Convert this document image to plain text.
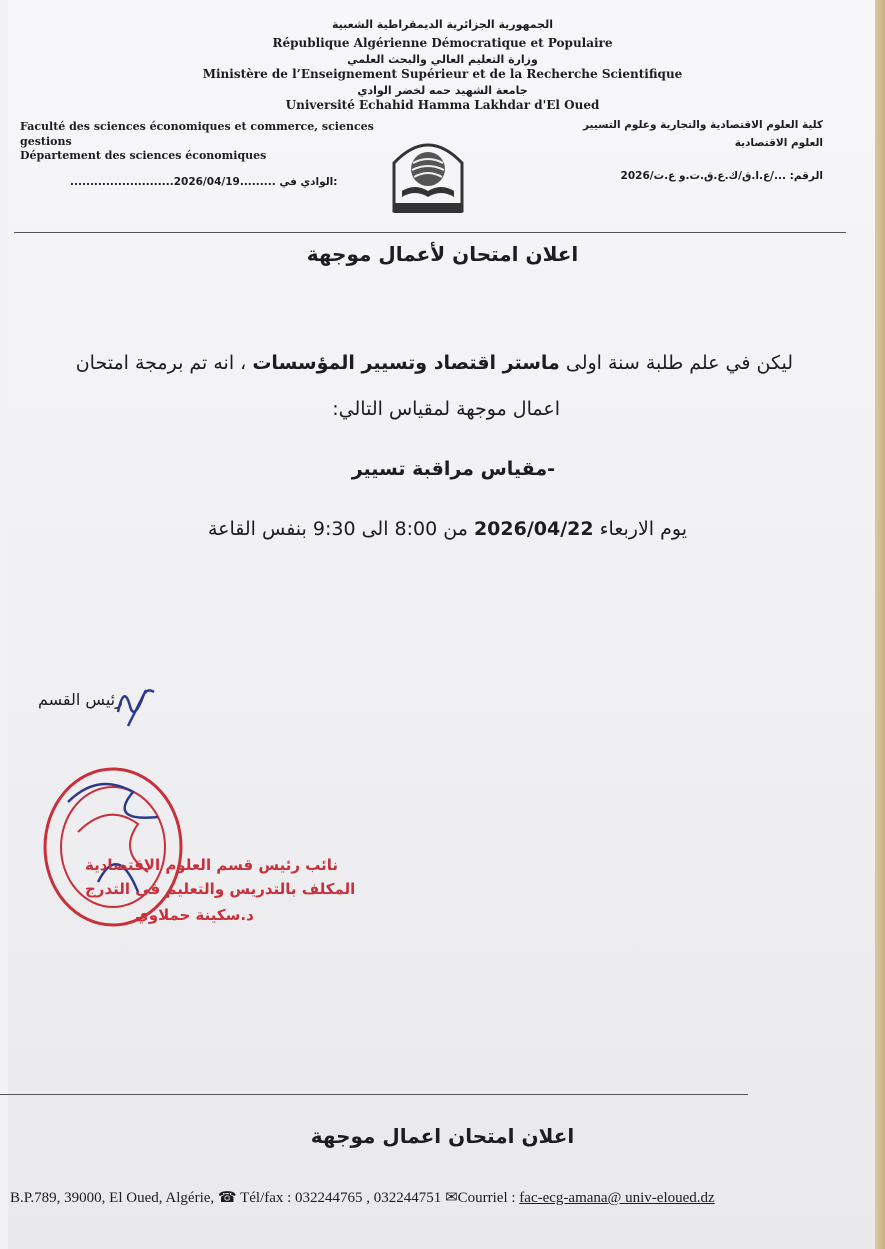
الجمهورية الجزائرية الديمقراطية الشعبية
République Algérienne Démocratique et Populaire
وزارة التعليم العالي والبحث العلمي
Ministère de l’Enseignement Supérieur et de la Recherche Scientifique
جامعة الشهيد حمه لخضر الوادي
Université Echahid Hamma Lakhdar d'El Oued
Faculté des sciences économiques et commerce, sciences
gestions
Département des sciences économiques
كلية العلوم الاقتصادية والتجارية وعلوم التسيير
العلوم الاقتصادية
..........................2026/04/19......... الوادي في:	الرقم: .../ع.ا.ق/ك.ع.ق.ت.و ع.ت/2026
اعلان امتحان لأعمال موجهة
ليكن في علم طلبة سنة اولى ماستر اقتصاد وتسيير المؤسسات ، انه تم برمجة امتحان
اعمال موجهة لمقياس التالي:
-مقياس مراقبة تسيير
يوم الاربعاء 2026/04/22 من 8:00 الى 9:30 بنفس القاعة
رئيس القسم
نائب رئيس قسم العلوم الاقتصادية
المكلف بالتدريس والتعليم في التدرج
د.سكينة حملاوي
اعلان امتحان اعمال موجهة
B.P.789, 39000, El Oued, Algérie, ☎ Tél/fax : 032244765 , 032244751 ✉Courriel : fac-ecg-amana@ univ-eloued.dz
